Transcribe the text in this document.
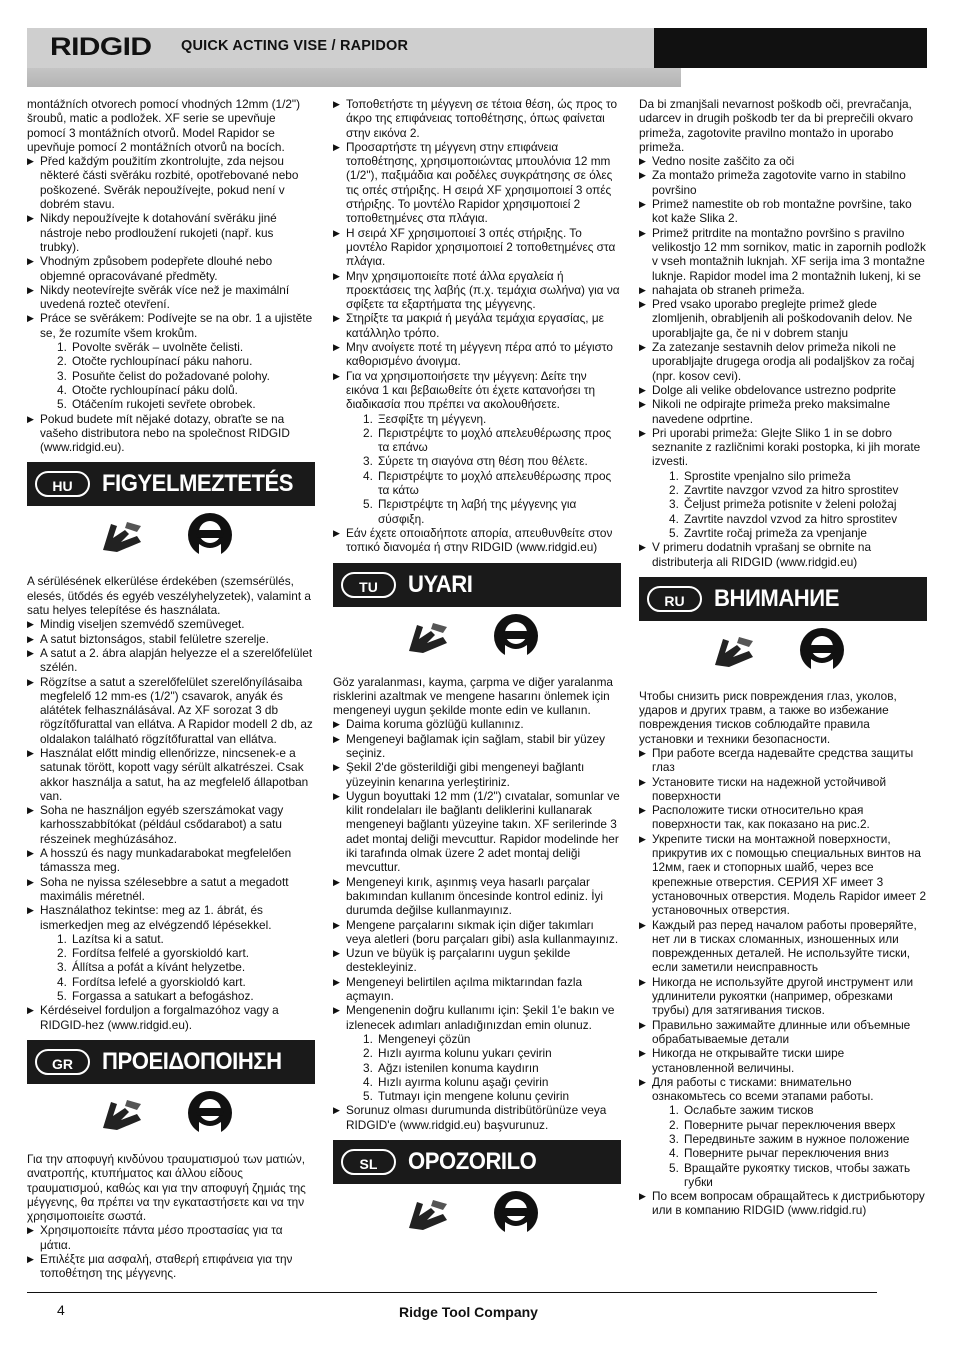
RIDGID QUICK ACTING VISE / RAPIDOR

montážních otvorech pomocí vhodných 12mm (1/2") šroubů, matic a podložek. XF serie se upevňuje pomocí 3 montážních otvorů. Model Rapidor se upevňuje pomocí 2 montážních otvorů na bocích.

▶ Před každým použitím zkontrolujte, zda nejsou některé části svěráku rozbité, opotřebované nebo poškozené. Svěrák nepoužívejte, pokud není v dobrém stavu.
▶ Nikdy nepoužívejte k dotahování svěráku jiné nástroje nebo prodloužení rukojeti (např. kus trubky).
▶ Vhodným způsobem podepřete dlouhé nebo objemné opracovávané předměty.
▶ Nikdy neotevírejte svěrák více než je maximální uvedená rozteč otevření.
▶ Práce se svěrákem: Podívejte se na obr. 1 a ujistěte se, že rozumíte všem krokům.
Povolte svěrák – uvolněte čelisti.
Otočte rychloupínací páku nahoru.
Posuňte čelist do požadované polohy.
Otočte rychloupínací páku dolů.
Otáčením rukojeti sevřete obrobek.
▶ Pokud budete mít nějaké dotazy, obraťte se na vašeho distributora nebo na společnost RIDGID (www.ridgid.eu).
HU	FIGYELMEZTETÉS

A sérülésének elkerülése érdekében (szemsérülés, elesés, ütődés és egyéb veszélyhelyzetek), valamint a satu helyes telepítése és használata.

▶ Mindig viseljen szemvédő szemüveget.
▶ A satut biztonságos, stabil felületre szerelje.
▶ A satut a 2. ábra alapján helyezze el a szerelőfelület szélén.
▶ Rögzítse a satut a szerelőfelület szerelőnyílásaiba megfelelő 12 mm-es (1/2") csavarok, anyák és alátétek felhasználásával. Az XF sorozat 3 db rögzítőfurattal van ellátva. A Rapidor modell 2 db, az oldalakon található rögzítőfurattal van ellátva.
▶ Használat előtt mindig ellenőrizze, nincsenek-e a satunak törött, kopott vagy sérült alkatrészei. Csak akkor használja a satut, ha az megfelelő állapotban van.
▶ Soha ne használjon egyéb szerszámokat vagy karhosszabbítókat (például csődarabot) a satu részeinek meghúzásához.
▶ A hosszú és nagy munkadarabokat megfelelően támassza meg.
▶ Soha ne nyissa szélesebbre a satut a megadott maximális méretnél.
▶ Használathoz tekintse: meg az 1. ábrát, és ismerkedjen meg az elvégzendő lépésekkel.
Lazítsa ki a satut.
Fordítsa felfelé a gyorskioldó kart.
Állítsa a pofát a kívánt helyzetbe.
Fordítsa lefelé a gyorskioldó kart.
Forgassa a satukart a befogáshoz.
▶ Kérdéseivel forduljon a forgalmazóhoz vagy a RIDGID-hez (www.ridgid.eu).
GR	ΠΡΟΕΙΔΟΠΟΙΗΣΗ

Για την αποφυγή κινδύνου τραυματισμού των ματιών, ανατροπής, κτυπήματος και άλλου είδους τραυματισμού, καθώς και για την αποφυγή ζημιάς της μέγγενης, θα πρέπει να την εγκαταστήσετε και να την χρησιμοποιείτε σωστά.

▶ Χρησιμοποιείτε πάντα μέσο προστασίας για τα μάτια.
▶ Επιλέξτε μια ασφαλή, σταθερή επιφάνεια για την τοποθέτηση της μέγγενης.
▶ Τοποθετήστε τη μέγγενη σε τέτοια θέση, ώς προς το άκρο της επιφάνειας τοποθέτησης, όπως φαίνεται στην εικόνα 2.
▶ Προσαρτήστε τη μέγγενη στην επιφάνεια τοποθέτησης, χρησιμοποιώντας μπουλόνια 12 mm (1/2"), παξιμάδια και ροδέλες συγκράτησης σε όλες τις οπές στήριξης. Η σειρά XF χρησιμοποιεί 3 οπές στήριξης. Το μοντέλο Rapidor χρησιμοποιεί 2 τοποθετημένες στα πλάγια.
▶ Η σειρά XF χρησιμοποιεί 3 οπές στήριξης. Το μοντέλο Rapidor χρησιμοποιεί 2 τοποθετημένες στα πλάγια.
▶ Μην χρησιμοποιείτε ποτέ άλλα εργαλεία ή προεκτάσεις της λαβής (π.χ. τεμάχια σωλήνα) για να σφίξετε τα εξαρτήματα της μέγγενης.
▶ Στηρίξτε τα μακριά ή μεγάλα τεμάχια εργασίας, με κατάλληλο τρόπο.
▶ Μην ανοίγετε ποτέ τη μέγγενη πέρα από το μέγιστο καθορισμένο άνοιγμα.
▶ Για να χρησιμοποιήσετε την μέγγενη: Δείτε την εικόνα 1 και βεβαιωθείτε ότι έχετε κατανοήσει τη διαδικασία που πρέπει να ακολουθήσετε.
Ξεσφίξτε τη μέγγενη.
Περιστρέψτε το μοχλό απελευθέρωσης προς τα επάνω
Σύρετε τη σιαγόνα στη θέση που θέλετε.
Περιστρέψτε το μοχλό απελευθέρωσης προς τα κάτω
Περιστρέψτε τη λαβή της μέγγενης για σύσφιξη.
▶ Εάν έχετε οποιαδήποτε απορία, απευθυνθείτε στον τοπικό διανομέα ή στην RIDGID (www.ridgid.eu)
TU	UYARI

Göz yaralanması, kayma, çarpma ve diğer yaralanma risklerini azaltmak ve mengene hasarını önlemek için mengeneyi uygun şekilde monte edin ve kullanın.

▶ Daima koruma gözlüğü kullanınız.
▶ Mengeneyi bağlamak için sağlam, stabil bir yüzey seçiniz.
▶ Şekil 2'de gösterildiği gibi mengeneyi bağlantı yüzeyinin kenarına yerleştiriniz.
▶ Uygun boyuttaki 12 mm (1/2") cıvatalar, somunlar ve kilit rondelaları ile bağlantı deliklerini kullanarak mengeneyi bağlantı yüzeyine takın. XF serilerinde 3 adet montaj deliği mevcuttur. Rapidor modelinde her iki tarafında olmak üzere 2 adet montaj deliği mevcuttur.
▶ Mengeneyi kırık, aşınmış veya hasarlı parçalar bakımından kullanım öncesinde kontrol ediniz. İyi durumda değilse kullanmayınız.
▶ Mengene parçalarını sıkmak için diğer takımları veya aletleri (boru parçaları gibi) asla kullanmayınız.
▶ Uzun ve büyük iş parçalarını uygun şekilde destekleyiniz.
▶ Mengeneyi belirtilen açılma miktarından fazla açmayın.
▶ Mengenenin doğru kullanımı için: Şekil 1'e bakın ve izlenecek adımları anladığınızdan emin olunuz.
Mengeneyi çözün
Hızlı ayırma kolunu yukarı çevirin
Ağzı istenilen konuma kaydırın
Hızlı ayırma kolunu aşağı çevirin
Tutmayı için mengene kolunu çevirin
▶ Sorunuz olması durumunda distribütörünüze veya RIDGID'e (www.ridgid.eu) başvurunuz.
SL	OPOZORILO

Da bi zmanjšali nevarnost poškodb oči, prevračanja, udarcev in drugih poškodb ter da bi preprečili okvaro primeža, zagotovite pravilno montažo in uporabo primeža.

▶ Vedno nosite zaščito za oči
▶ Za montažo primeža zagotovite varno in stabilno površino
▶ Primež namestite ob rob montažne površine, tako kot kaže Slika 2.
▶ Primež pritrdite na montažno površino s pravilno velikostjo 12 mm sornikov, matic in zapornih podložk v vseh montažnih luknjah. XF serija ima 3 montažne luknje. Rapidor model ima 2 montažnih lukenj, ki se
▶ nahajata ob straneh primeža.
▶ Pred vsako uporabo preglejte primež glede zlomljenih, obrabljenih ali poškodovanih delov. Ne uporabljajte ga, če ni v dobrem stanju
▶ Za zatezanje sestavnih delov primeža nikoli ne uporabljajte drugega orodja ali podaljškov za ročaj (npr. kosov cevi).
▶ Dolge ali velike obdelovance ustrezno podprite
▶ Nikoli ne odpirajte primeža preko maksimalne navedene odprtine.
▶ Pri uporabi primeža: Glejte Sliko 1 in se dobro seznanite z različnimi koraki postopka, ki jih morate izvesti.
Sprostite vpenjalno silo primeža
Zavrtite navzgor vzvod za hitro sprostitev
Čeljust primeža potisnite v želeni položaj
Zavrtite navzdol vzvod za hitro sprostitev
Zavrtite ročaj primeža za vpenjanje
▶ V primeru dodatnih vprašanj se obrnite na distributerja ali RIDGID (www.ridgid.eu)
RU	ВНИМАНИЕ

Чтобы снизить риск повреждения глаз, уколов, ударов и других травм, а также во избежание повреждения тисков соблюдайте правила установки и техники безопасности.

▶ При работе всегда надевайте средства защиты глаз
▶ Установите тиски на надежной устойчивой поверхности
▶ Расположите тиски относительно края поверхности так, как показано на рис.2.
▶ Укрепите тиски на монтажной поверхности, прикрутив их с помощью специальных винтов на 12мм, гаек и стопорных шайб, через все крепежные отверстия. СЕРИЯ XF имеет 3 установочных отверстия. Модель Rapidor имеет 2 установочных отверстия.
▶ Каждый раз перед началом работы проверяйте, нет ли в тисках сломанных, изношенных или поврежденных деталей. Не используйте тиски, если заметили неисправность
▶ Никогда не используйте другой инструмент или удлинители рукоятки (например, обрезками трубы) для затягивания тисков.
▶ Правильно зажимайте длинные или объемные обрабатываемые детали
▶ Никогда не открывайте тиски шире установленной величины.
▶ Для работы с тисками: внимательно ознакомьтесь со всеми этапами работы.
Ослабьте зажим тисков
Поверните рычаг переключения вверх
Передвиньте зажим в нужное положение
Поверните рычаг переключения вниз
Вращайте рукоятку тисков, чтобы зажать губки
▶ По всем вопросам обращайтесь к дистрибьютору или в компанию RIDGID (www.ridgid.ru)
4	Ridge Tool Company
